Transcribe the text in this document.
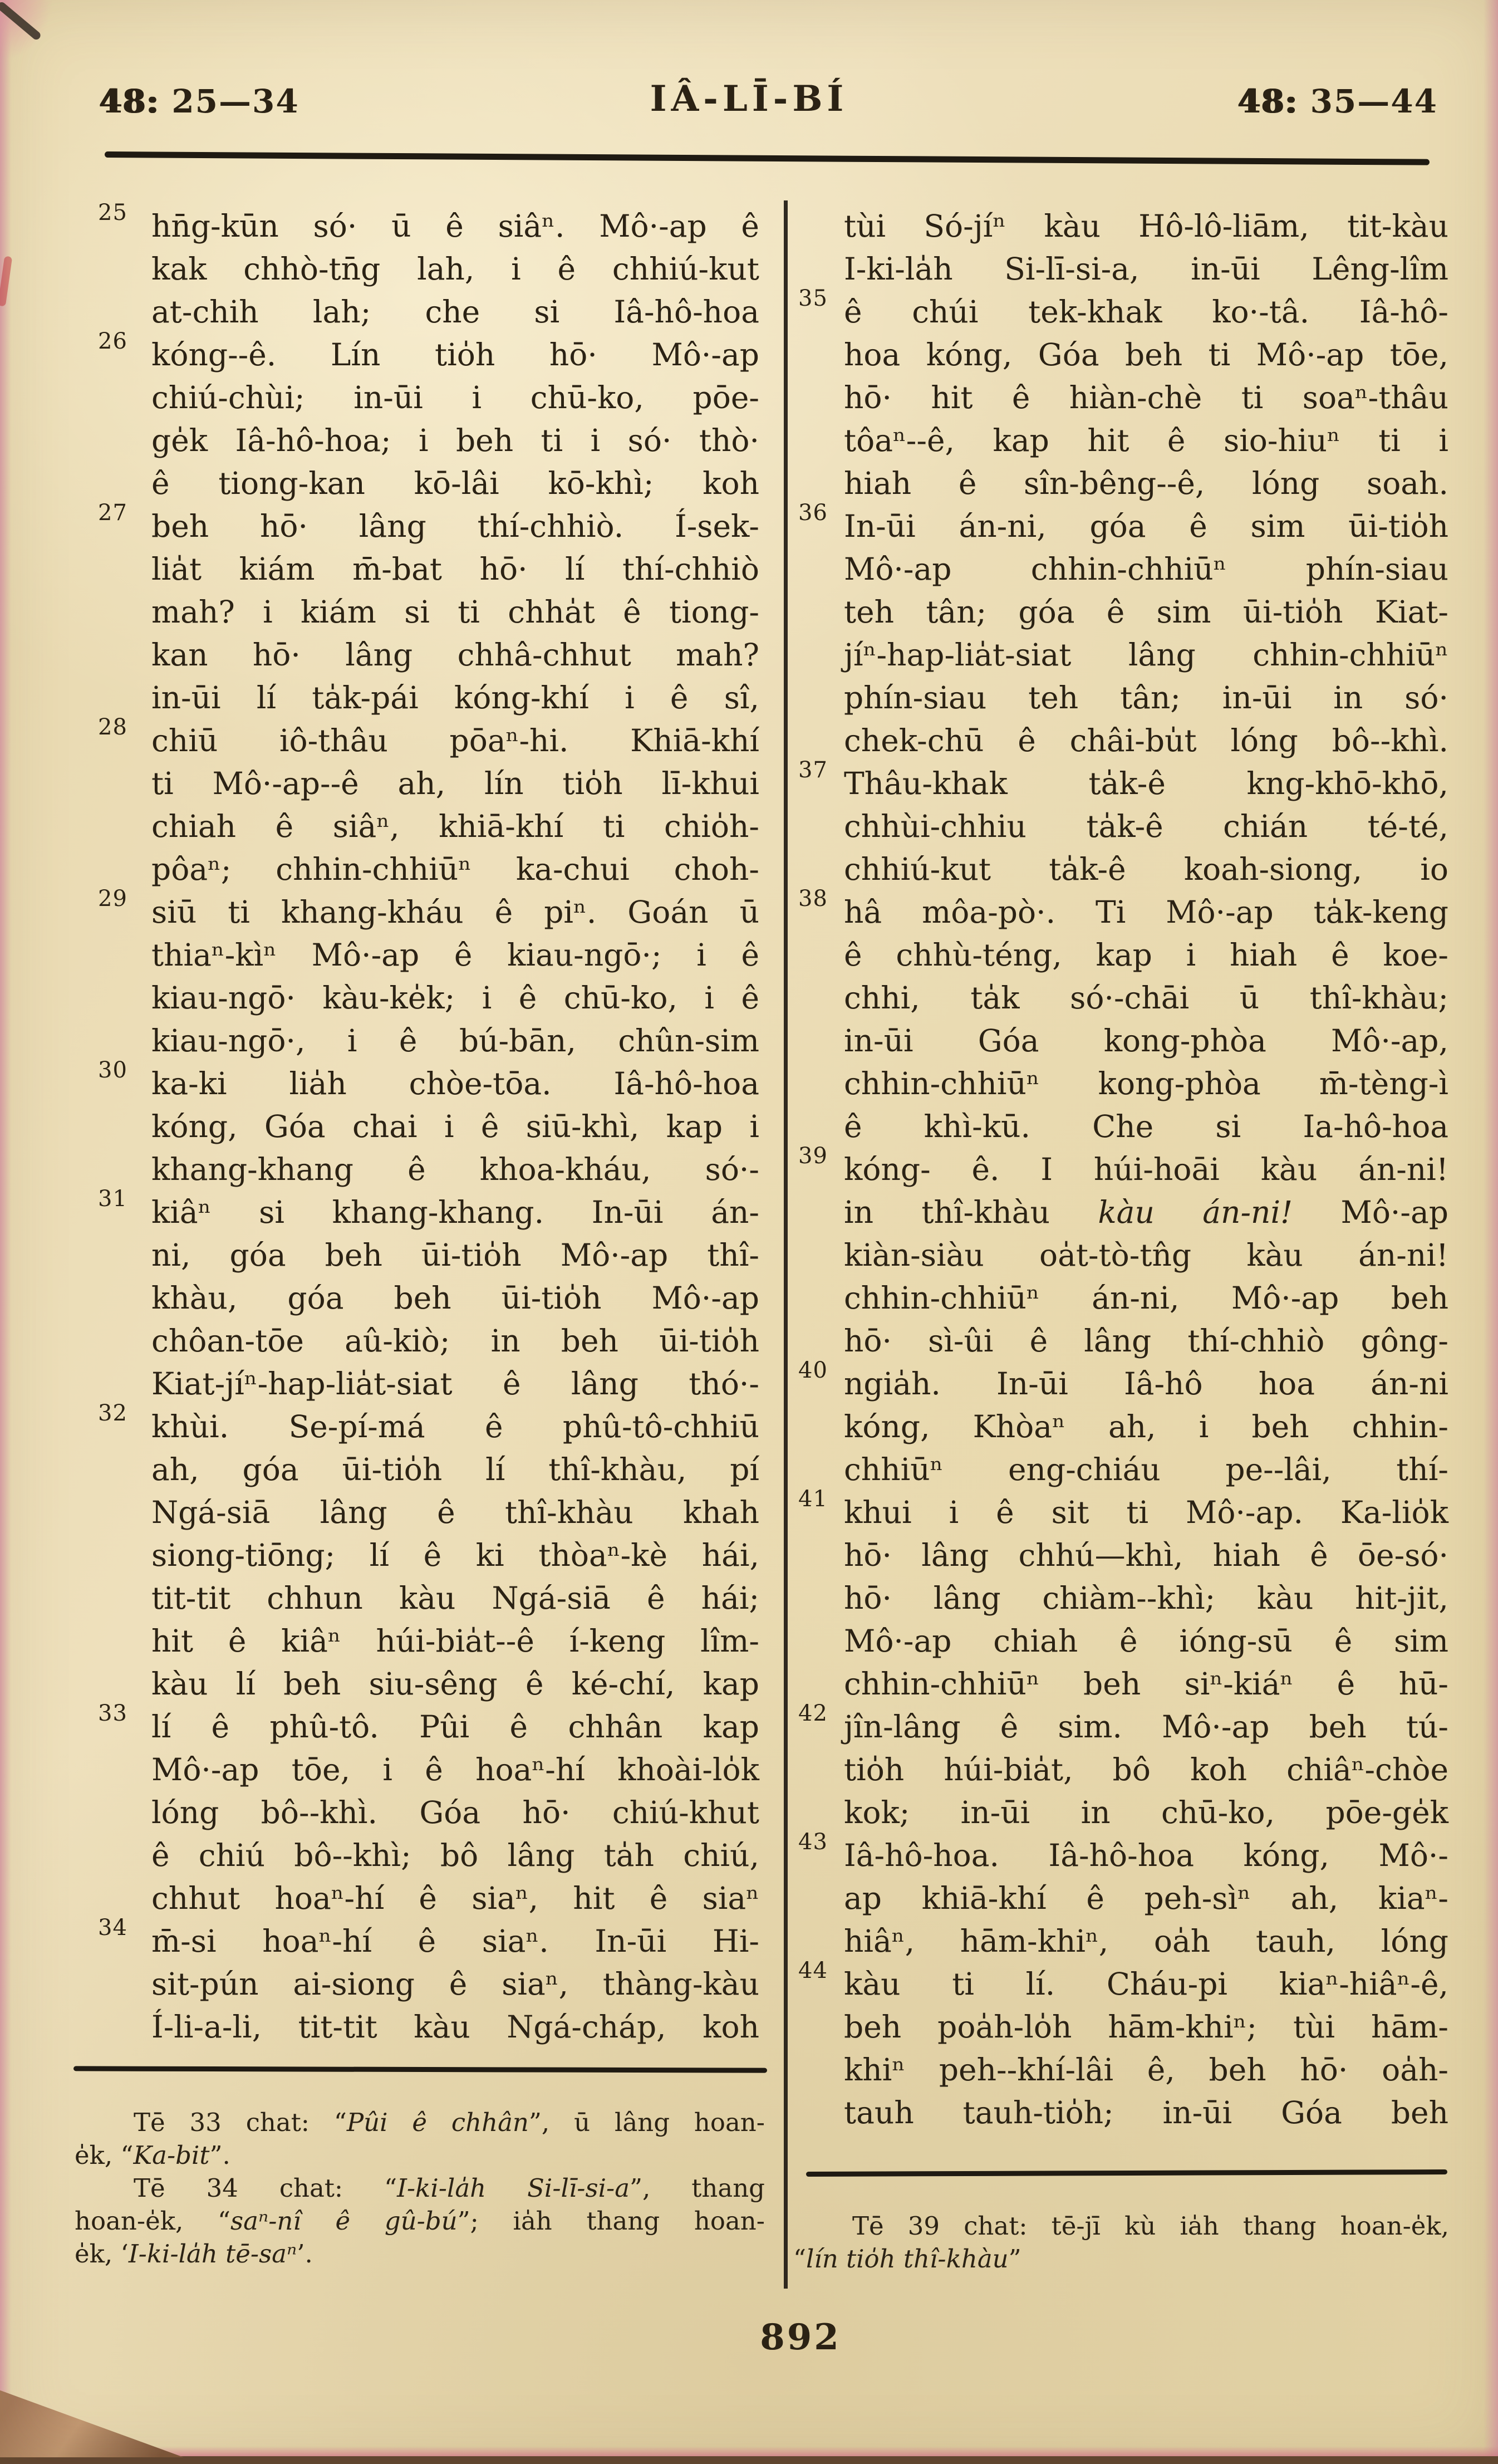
48: 25—34	IÂ-LĪ-BÍ	48: 35—44
25 hn̄g-kūn só· ū ê siâⁿ. Mô·-ap ê
kak chhò-tn̄g lah, i ê chhiú-kut
at-chih lah; che si Iâ-hô-hoa
26 kóng--ê. Lín tio̍h hō· Mô·-ap
chiú-chùi; in-ūi i chū-ko, pōe-
ge̍k Iâ-hô-hoa; i beh ti i só· thò·
ê tiong-kan kō-lâi kō-khì; koh
27 beh hō· lâng thí-chhiò. Í-sek-
lia̍t kiám m̄-bat hō· lí thí-chhiò
mah? i kiám si ti chha̍t ê tiong-
kan hō· lâng chhâ-chhut mah?
in-ūi lí ta̍k-pái kóng-khí i ê sî,
28 chiū iô-thâu pōaⁿ-hi. Khiā-khí
ti Mô·-ap--ê ah, lín tio̍h lī-khui
chiah ê siâⁿ, khiā-khí ti chio̍h-
pôaⁿ; chhin-chhiūⁿ ka-chui choh-
29 siū ti khang-kháu ê piⁿ. Goán ū
thiaⁿ-kìⁿ Mô·-ap ê kiau-ngō·; i ê
kiau-ngō· kàu-ke̍k; i ê chū-ko, i ê
kiau-ngō·, i ê bú-bān, chûn-sim
30 ka-ki lia̍h chòe-tōa. Iâ-hô-hoa
kóng, Góa chai i ê siū-khì, kap i
khang-khang ê khoa-kháu, só·-
31 kiâⁿ si khang-khang. In-ūi án-
ni, góa beh ūi-tio̍h Mô·-ap thî-
khàu, góa beh ūi-tio̍h Mô·-ap
chôan-tōe aû-kiò; in beh ūi-tio̍h
Kiat-jíⁿ-hap-lia̍t-siat ê lâng thó·-
32 khùi. Se-pí-má ê phû-tô-chhiū
ah, góa ūi-tio̍h lí thî-khàu, pí
Ngá-siā lâng ê thî-khàu khah
siong-tiōng; lí ê ki thòaⁿ-kè hái,
tit-tit chhun kàu Ngá-siā ê hái;
hit ê kiâⁿ húi-bia̍t--ê í-keng lîm-
kàu lí beh siu-sêng ê ké-chí, kap
33 lí ê phû-tô. Pûi ê chhân kap
Mô·-ap tōe, i ê hoaⁿ-hí khoài-lo̍k
lóng bô--khì. Góa hō· chiú-khut
ê chiú bô--khì; bô lâng ta̍h chiú,
chhut hoaⁿ-hí ê siaⁿ, hit ê siaⁿ
34 m̄-si hoaⁿ-hí ê siaⁿ. In-ūi Hi-
sit-pún ai-siong ê siaⁿ, thàng-kàu
Í-li-a-li, tit-tit kàu Ngá-cháp, koh
tùi Só-jíⁿ kàu Hô-lô-liām, tit-kàu
I-ki-la̍h Si-lī-si-a, in-ūi Lêng-lîm
35 ê chúi tek-khak ko·-tâ. Iâ-hô-
hoa kóng, Góa beh ti Mô·-ap tōe,
hō· hit ê hiàn-chè ti soaⁿ-thâu
tôaⁿ--ê, kap hit ê sio-hiuⁿ ti i
hiah ê sîn-bêng--ê, lóng soah.
36 In-ūi án-ni, góa ê sim ūi-tio̍h
Mô·-ap chhin-chhiūⁿ phín-siau
teh tân; góa ê sim ūi-tio̍h Kiat-
jíⁿ-hap-lia̍t-siat lâng chhin-chhiūⁿ
phín-siau teh tân; in-ūi in só·
chek-chū ê châi-bu̍t lóng bô--khì.
37 Thâu-khak ta̍k-ê kng-khō-khō,
chhùi-chhiu ta̍k-ê chián té-té,
chhiú-kut ta̍k-ê koah-siong, io
38 hâ môa-pò·. Ti Mô·-ap ta̍k-keng
ê chhù-téng, kap i hiah ê koe-
chhi, ta̍k só·-chāi ū thî-khàu;
in-ūi Góa kong-phòa Mô·-ap,
chhin-chhiūⁿ kong-phòa m̄-tèng-ì
ê khì-kū. Che si Ia-hô-hoa
39 kóng- ê. I húi-hoāi kàu án-ni!
in thî-khàu kàu án-ni! Mô·-ap
kiàn-siàu oa̍t-tò-tn̂g kàu án-ni!
chhin-chhiūⁿ án-ni, Mô·-ap beh
hō· sì-ûi ê lâng thí-chhiò gông-
40 ngia̍h. In-ūi Iâ-hô hoa án-ni
kóng, Khòaⁿ ah, i beh chhin-
chhiūⁿ eng-chiáu pe--lâi, thí-
41 khui i ê sit ti Mô·-ap. Ka-lio̍k
hō· lâng chhú—khì, hiah ê ōe-só·
hō· lâng chiàm--khì; kàu hit-jit,
Mô·-ap chiah ê ióng-sū ê sim
chhin-chhiūⁿ beh siⁿ-kiáⁿ ê hū-
42 jîn-lâng ê sim. Mô·-ap beh tú-
tio̍h húi-bia̍t, bô koh chiâⁿ-chòe
kok; in-ūi in chū-ko, pōe-ge̍k
43 Iâ-hô-hoa. Iâ-hô-hoa kóng, Mô·-
ap khiā-khí ê peh-sìⁿ ah, kiaⁿ-
hiâⁿ, hām-khiⁿ, oa̍h tauh, lóng
44 kàu ti lí. Cháu-pi kiaⁿ-hiâⁿ-ê,
beh poa̍h-lo̍h hām-khiⁿ; tùi hām-
khiⁿ peh--khí-lâi ê, beh hō· oa̍h-
tauh tauh-tio̍h; in-ūi Góa beh
Tē 33 chat: “Pûi ê chhân”, ū lâng hoan-
e̍k, “Ka-bit”.
Tē 34 chat: “I-ki-la̍h Si-lī-si-a”, thang
hoan-e̍k, “saⁿ-nî ê gû-bú”; ia̍h thang hoan-
e̍k, ‘I-ki-la̍h tē-saⁿ’.
Tē 39 chat: tē-jī kù ia̍h thang hoan-e̍k,
“lín tio̍h thî-khàu”
892
